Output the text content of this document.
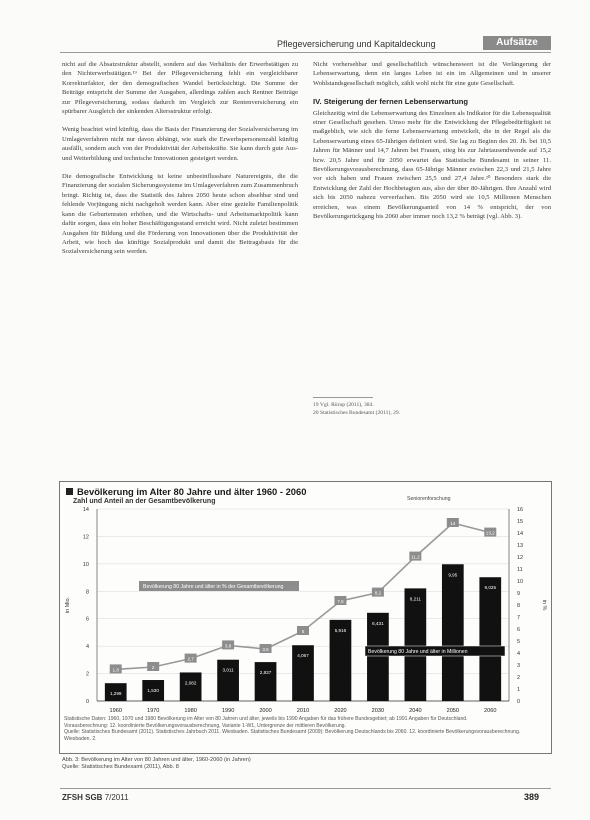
Pflegeversicherung und Kapitaldeckung	Aufsätze

nicht auf die Absatzstruktur abstellt, sondern auf das Verhältnis der Erwerbstätigen zu den Nichterwerbstätigen.¹⁹ Bei der Pflegeversicherung fehlt ein vergleichbarer Korrekturfaktor, der den demografischen Wandel berücksichtigt. Die Summe der Beiträge entspricht der Summe der Ausgaben, allerdings zahlen auch Rentner Beiträge zur Pflegeversicherung, sodass dadurch im Vergleich zur Rentenversicherung ein spürbarer Ausgleich der sinkenden Altersstruktur erfolgt.

Wenig beachtet wird künftig, dass die Basis der Finanzierung der Sozialversicherung im Umlageverfahren nicht nur davon abhängt, wie stark die Erwerbspersonenzahl künftig ausfällt, sondern auch von der Produktivität der Arbeitskräfte. Sie kann durch gute Aus- und Weiterbildung und technische Innovationen gesteigert werden.

Die demografische Entwicklung ist keine unbeeinflussbare Naturereignis, die die Finanzierung der sozialen Sicherungssysteme im Umlageverfahren zum Zusammenbruch bringt. Richtig ist, dass die Statistik des Jahres 2050 heute schon absehbar sind und fehlende Vorjüngung nicht nachgeholt werden kann. Aber eine gezielte Familienpolitik kann die Geburtenraten erhöhen, und die Wirtschafts- und Arbeitsmarktpolitik kann dafür sorgen, dass ein hoher Beschäftigungsstand erreicht wird. Nicht zuletzt bestimmen Ausgaben für Bildung und die Förderung von Innovationen über die Produktivität der Arbeit, wie hoch das künftige Sozialprodukt und damit die Beitragsbasis für die Sozialversicherung sein werden.

Nicht vorhersehbar und gesellschaftlich wünschenswert ist die Verlängerung der Lebenserwartung, denn ein langes Leben ist ein im Allgemeinen und in unserer Wohlstandsgesellschaft möglich, zählt wohl nicht für eine gute Gesellschaft.

IV. Steigerung der fernen Lebenserwartung

Gleichzeitig wird die Lebenserwartung des Einzelnen als Indikator für die Lebensqualität einer Gesellschaft gesehen. Umso mehr für die Entwicklung der Pflegebedürftigkeit ist maßgeblich, wie sich die ferne Lebenserwartung entwickelt, die in der Regel als die Lebenserwartung eines 65-Jährigen definiert wird. Sie lag zu Beginn des 20. Jh. bei 10,5 Jahren für Männer und 14,7 Jahren bei Frauen, stieg bis zur Jahrtausendwende auf 15,2 bzw. 20,5 Jahre und für 2050 erwartet das Statistische Bundesamt in seiner 11. Bevölkerungsvorausberechnung, dass 65-Jährige Männer zwischen 22,3 und 21,5 Jahre vor sich haben und Frauen zwischen 25,5 und 27,4 Jahre.²⁰ Besonders stark die Entwicklung der Zahl der Hochbetagten aus, also der über 80-Jährigen. Ihre Anzahl wird sich bis 2050 nahezu ververfachen. Bis 2050 wird sie 10,5 Millionen Menschen erreichen, was einem Bevölkerungsanteil von 14 % entspricht, der von Bevölkerungsrückgang bis 2060 aber immer noch 13,2 % beträgt (vgl. Abb. 3).

19 Vgl. Rürup (2011), 384.
20 Statistisches Bundesamt (2011), 29.
Bevölkerung im Alter 80 Jahre und älter 1960 - 2060
Zahl und Anteil an der Gesamtbevölkerung
0
2
4
6
8
10
12
14
0
1
2
3
4
5
6
7
8
9
10
11
12
13
14
15
16
in Mio.	in %
Seniorenforschung
1,299
1960
1,530
1970
2,082
1980
3,011
1990
2,837
2000
4,067
2010
5,916
2020
6,431
2030
8,211
2040
9,95
2050
9,025
2060
1,8	2
2,7
3,8
3,5
5
7,5
8,2
11,2
14
13,2
Bevölkerung 80 Jahre und älter in % der Gesamtbevölkerung
Bevölkerung 80 Jahre und älter in Millionen
Statistische Daten: 1960, 1970 und 1980 Bevölkerung im Alter von 80 Jahren und älter, jeweils bis 1990 Angaben für das frühere Bundesgebiet; ab 1991 Angaben für Deutschland.
Vorausberechnung: 12. koordinierte Bevölkerungsvorausberechnung, Variante 1-W1, Untergrenze der mittleren Bevölkerung.
Quelle: Statistisches Bundesamt (2011). Statistisches Jahrbuch 2011. Wiesbaden. Statistisches Bundesamt (2009): Bevölkerung Deutschlands bis 2060. 12. koordinierte Bevölkerungsvorausberechnung. Wiesbaden. 2.
Abb. 3: Bevölkerung im Alter von 80 Jahren und älter, 1960-2060 (in Jahren)
Quelle: Statistisches Bundesamt (2011), Abb. 8
ZFSH SGB 7/2011	389
